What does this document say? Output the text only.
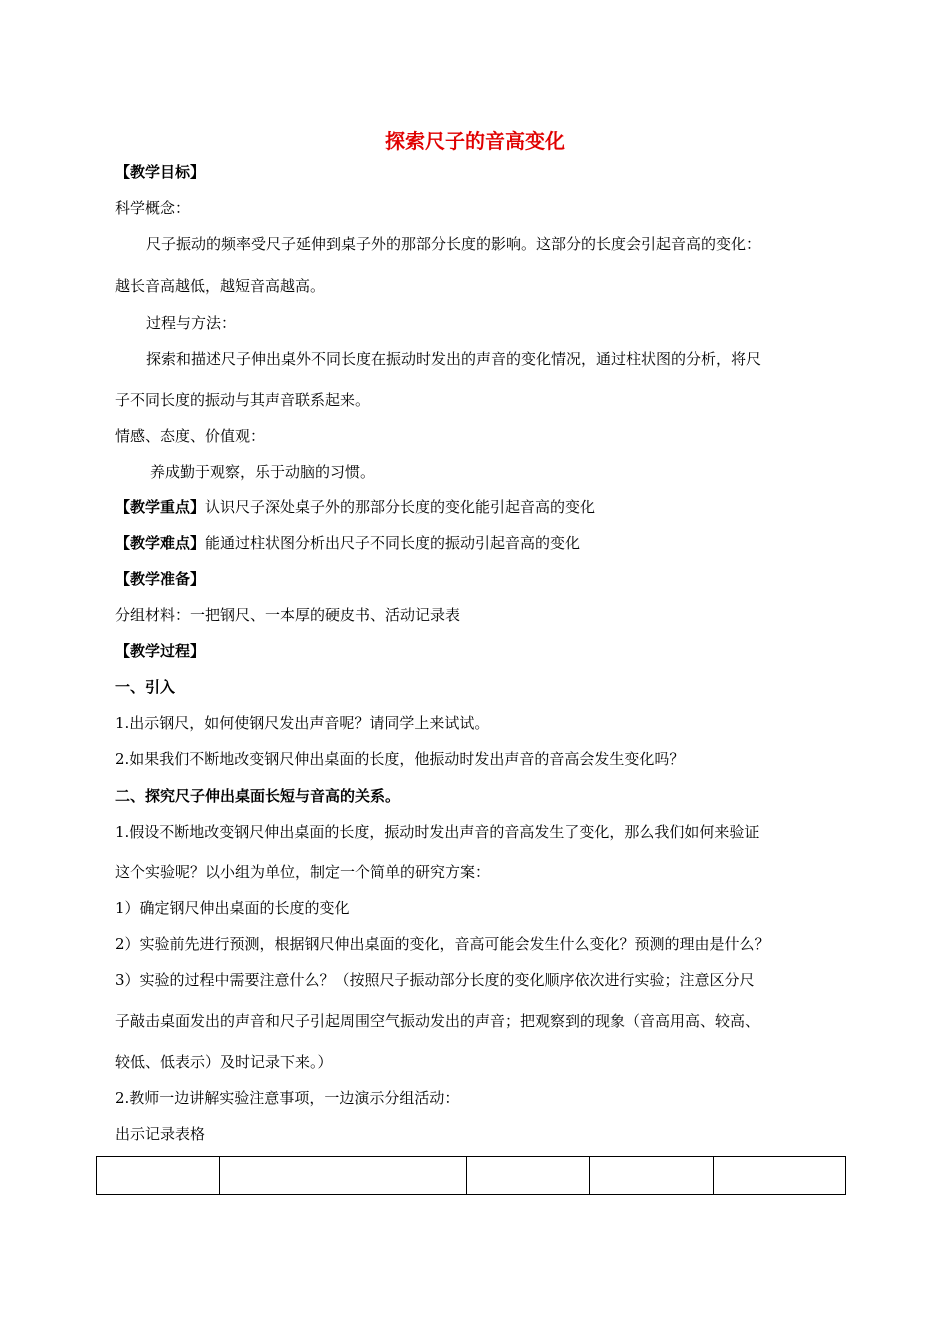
探索尺子的音高变化
【教学目标】
科学概念：
尺子振动的频率受尺子延伸到桌子外的那部分长度的影响。这部分的长度会引起音高的变化：
越长音高越低，越短音高越高。
过程与方法：
探索和描述尺子伸出桌外不同长度在振动时发出的声音的变化情况，通过柱状图的分析，将尺
子不同长度的振动与其声音联系起来。
情感、态度、价值观：
养成勤于观察，乐于动脑的习惯。
【教学重点】认识尺子深处桌子外的那部分长度的变化能引起音高的变化
【教学难点】能通过柱状图分析出尺子不同长度的振动引起音高的变化
【教学准备】
分组材料：一把钢尺、一本厚的硬皮书、活动记录表
【教学过程】
一、引入
1.出示钢尺，如何使钢尺发出声音呢？请同学上来试试。
2.如果我们不断地改变钢尺伸出桌面的长度，他振动时发出声音的音高会发生变化吗？
二、探究尺子伸出桌面长短与音高的关系。
1.假设不断地改变钢尺伸出桌面的长度，振动时发出声音的音高发生了变化，那么我们如何来验证
这个实验呢？以小组为单位，制定一个简单的研究方案：
1）确定钢尺伸出桌面的长度的变化
2）实验前先进行预测，根据钢尺伸出桌面的变化，音高可能会发生什么变化？预测的理由是什么？
3）实验的过程中需要注意什么？（按照尺子振动部分长度的变化顺序依次进行实验；注意区分尺
子敲击桌面发出的声音和尺子引起周围空气振动发出的声音；把观察到的现象（音高用高、较高、
较低、低表示）及时记录下来。）
2.教师一边讲解实验注意事项，一边演示分组活动：
出示记录表格
